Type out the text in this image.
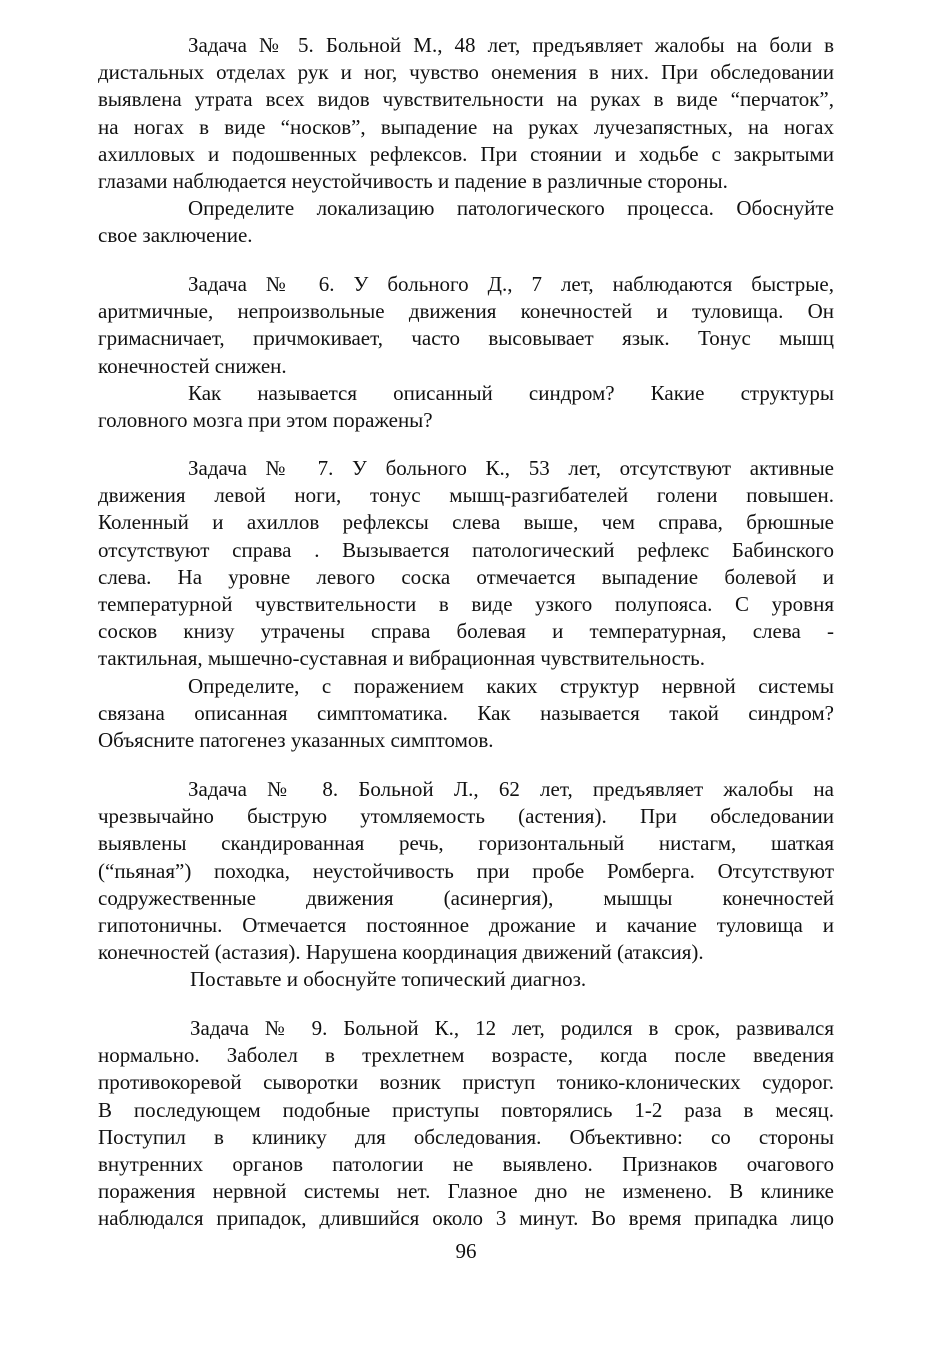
Задача № 5. Больной М., 48 лет, предъявляет жалобы на боли в
дистальных отделах рук и ног, чувство онемения в них. При обследовании
выявлена утрата всех видов чувствительности на руках в виде “перчаток”,
на ногах в виде “носков”, выпадение на руках лучезапястных, на ногах
ахилловых и подошвенных рефлексов. При стоянии и ходьбе с закрытыми
глазами наблюдается неустойчивость и падение в различные стороны.
Определите локализацию патологического процесса. Обоснуйте
свое заключение.
Задача № 6. У больного Д., 7 лет, наблюдаются быстрые,
аритмичные, непроизвольные движения конечностей и туловища. Он
гримасничает, причмокивает, часто высовывает язык. Тонус мышц
конечностей снижен.
Как называется описанный синдром? Какие структуры
головного мозга при этом поражены?
Задача № 7. У больного К., 53 лет, отсутствуют активные
движения левой ноги, тонус мышц-разгибателей голени повышен.
Коленный и ахиллов рефлексы слева выше, чем справа, брюшные
отсутствуют справа . Вызывается патологический рефлекс Бабинского
слева. На уровне левого соска отмечается выпадение болевой и
температурной чувствительности в виде узкого полупояса. С уровня
сосков книзу утрачены справа болевая и температурная, слева -
тактильная, мышечно-суставная и вибрационная чувствительность.
Определите, с поражением каких структур нервной системы
связана описанная симптоматика. Как называется такой синдром?
Объясните патогенез указанных симптомов.
Задача № 8. Больной Л., 62 лет, предъявляет жалобы на
чрезвычайно быструю утомляемость (астения). При обследовании
выявлены скандированная речь, горизонтальный нистагм, шаткая
(“пьяная”) походка, неустойчивость при пробе Ромберга. Отсутствуют
содружественные движения (асинергия), мышцы конечностей
гипотоничны. Отмечается постоянное дрожание и качание туловища и
конечностей (астазия). Нарушена координация движений (атаксия).
Поставьте и обоснуйте топический диагноз.
Задача № 9. Больной К., 12 лет, родился в срок, развивался
нормально. Заболел в трехлетнем возрасте, когда после введения
противокоревой сыворотки возник приступ тонико-клонических судорог.
В последующем подобные приступы повторялись 1-2 раза в месяц.
Поступил в клинику для обследования. Объективно: со стороны
внутренних органов патологии не выявлено. Признаков очагового
поражения нервной системы нет. Глазное дно не изменено. В клинике
наблюдался припадок, длившийся около 3 минут. Во время припадка лицо
96
